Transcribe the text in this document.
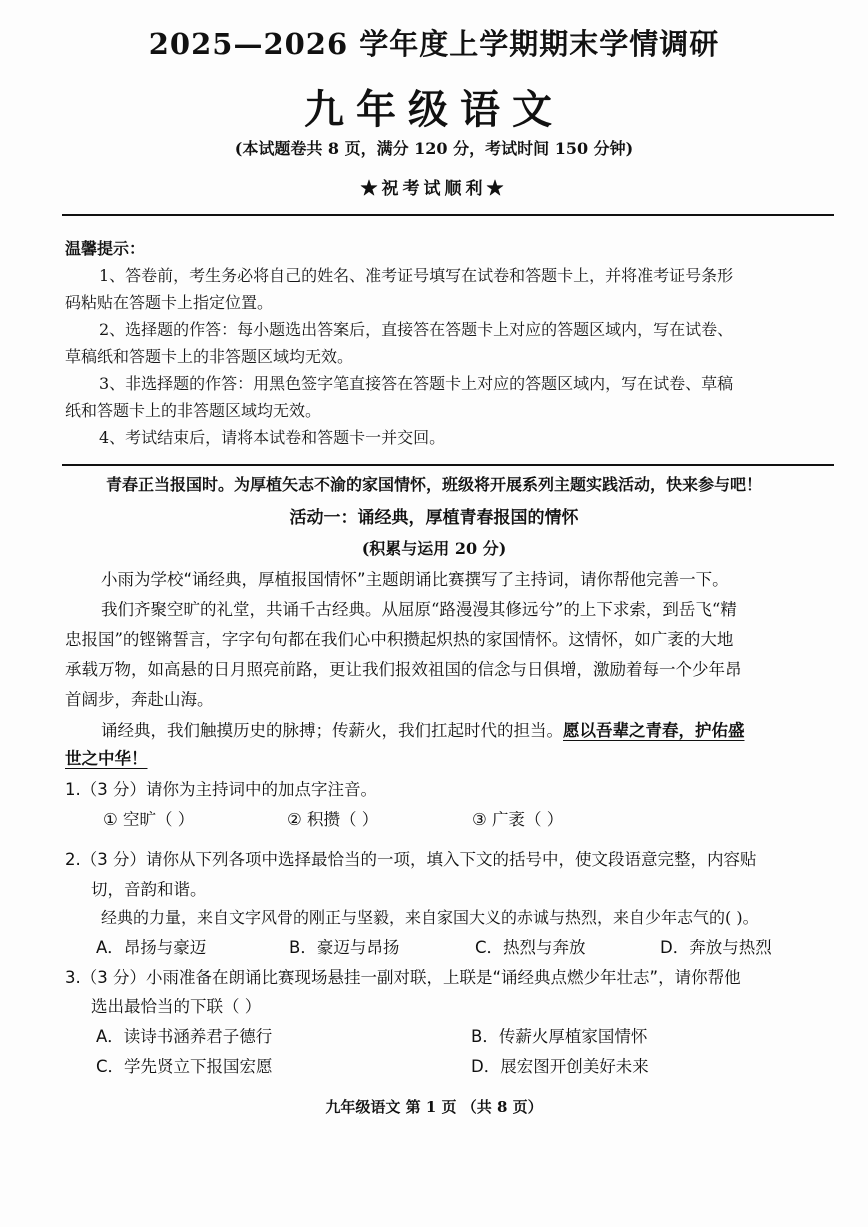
2025—2026 学年度上学期期末学情调研
九年级语文
(本试题卷共 8 页，满分 120 分，考试时间 150 分钟)
★祝考试顺利★
温馨提示：
1、答卷前，考生务必将自己的姓名、准考证号填写在试卷和答题卡上，并将准考证号条形
码粘贴在答题卡上指定位置。
2、选择题的作答：每小题选出答案后，直接答在答题卡上对应的答题区域内，写在试卷、
草稿纸和答题卡上的非答题区域均无效。
3、非选择题的作答：用黑色签字笔直接答在答题卡上对应的答题区域内，写在试卷、草稿
纸和答题卡上的非答题区域均无效。
4、考试结束后，请将本试卷和答题卡一并交回。
青春正当报国时。为厚植矢志不渝的家国情怀，班级将开展系列主题实践活动，快来参与吧！
活动一：诵经典，厚植青春报国的情怀
(积累与运用 20 分)
小雨为学校“诵经典，厚植报国情怀”主题朗诵比赛撰写了主持词，请你帮他完善一下。
我们齐聚空旷的礼堂，共诵千古经典。从屈原“路漫漫其修远兮”的上下求索，到岳飞“精
忠报国”的铿锵誓言，字字句句都在我们心中积攒起炽热的家国情怀。这情怀，如广袤的大地
承载万物，如高悬的日月照亮前路，更让我们报效祖国的信念与日俱增，激励着每一个少年昂
首阔步，奔赴山海。
诵经典，我们触摸历史的脉搏；传薪火，我们扛起时代的担当。愿以吾辈之青春，护佑盛
世之中华！
1.（3 分）请你为主持词中的加点字注音。
① 空旷（ ）	② 积攒（ ）	③ 广袤（ ）
2.（3 分）请你从下列各项中选择最恰当的一项，填入下文的括号中，使文段语意完整，内容贴
切，音韵和谐。
经典的力量，来自文字风骨的刚正与坚毅，来自家国大义的赤诚与热烈，来自少年志气的( )。
A．昂扬与豪迈	B．豪迈与昂扬	C．热烈与奔放	D．奔放与热烈
3.（3 分）小雨准备在朗诵比赛现场悬挂一副对联，上联是“诵经典点燃少年壮志”，请你帮他
选出最恰当的下联（ ）
A．读诗书涵养君子德行	B．传薪火厚植家国情怀
C．学先贤立下报国宏愿	D．展宏图开创美好未来
九年级语文 第 1 页 （共 8 页）
